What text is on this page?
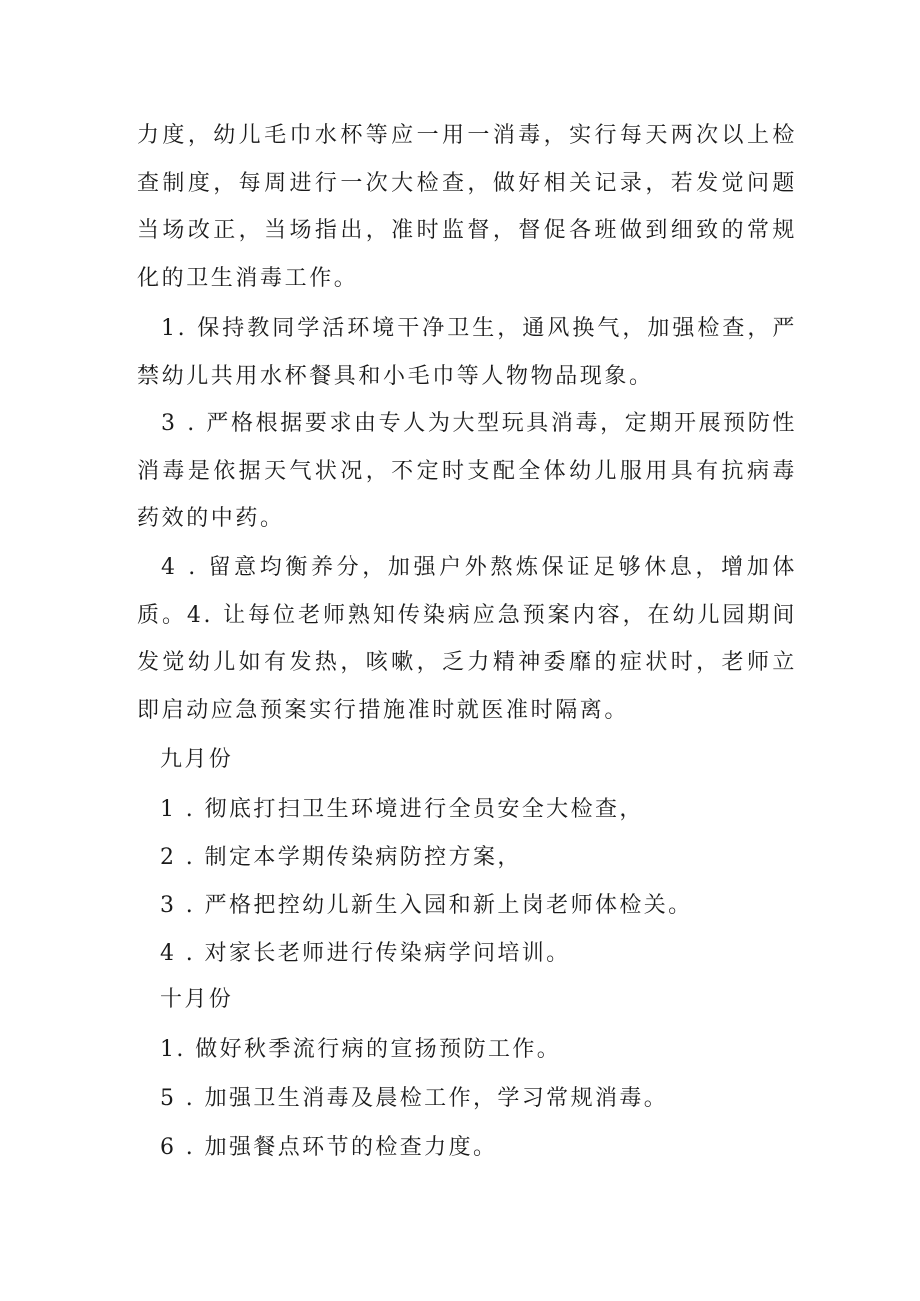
力度，幼儿毛巾水杯等应一用一消毒，实行每天两次以上检查制度，每周进行一次大检查，做好相关记录，若发觉问题当场改正，当场指出，准时监督，督促各班做到细致的常规化的卫生消毒工作。

1. 保持教同学活环境干净卫生，通风换气，加强检查，严禁幼儿共用水杯餐具和小毛巾等人物物品现象。

3 . 严格根据要求由专人为大型玩具消毒，定期开展预防性消毒是依据天气状况，不定时支配全体幼儿服用具有抗病毒药效的中药。

4 . 留意均衡养分，加强户外熬炼保证足够休息，增加体质。4. 让每位老师熟知传染病应急预案内容，在幼儿园期间发觉幼儿如有发热，咳嗽，乏力精神委靡的症状时，老师立即启动应急预案实行措施准时就医准时隔离。

九月份
1 . 彻底打扫卫生环境进行全员安全大检查，
2 . 制定本学期传染病防控方案，
3 . 严格把控幼儿新生入园和新上岗老师体检关。
4 . 对家长老师进行传染病学问培训。
十月份
1. 做好秋季流行病的宣扬预防工作。
5 . 加强卫生消毒及晨检工作，学习常规消毒。
6 . 加强餐点环节的检查力度。
